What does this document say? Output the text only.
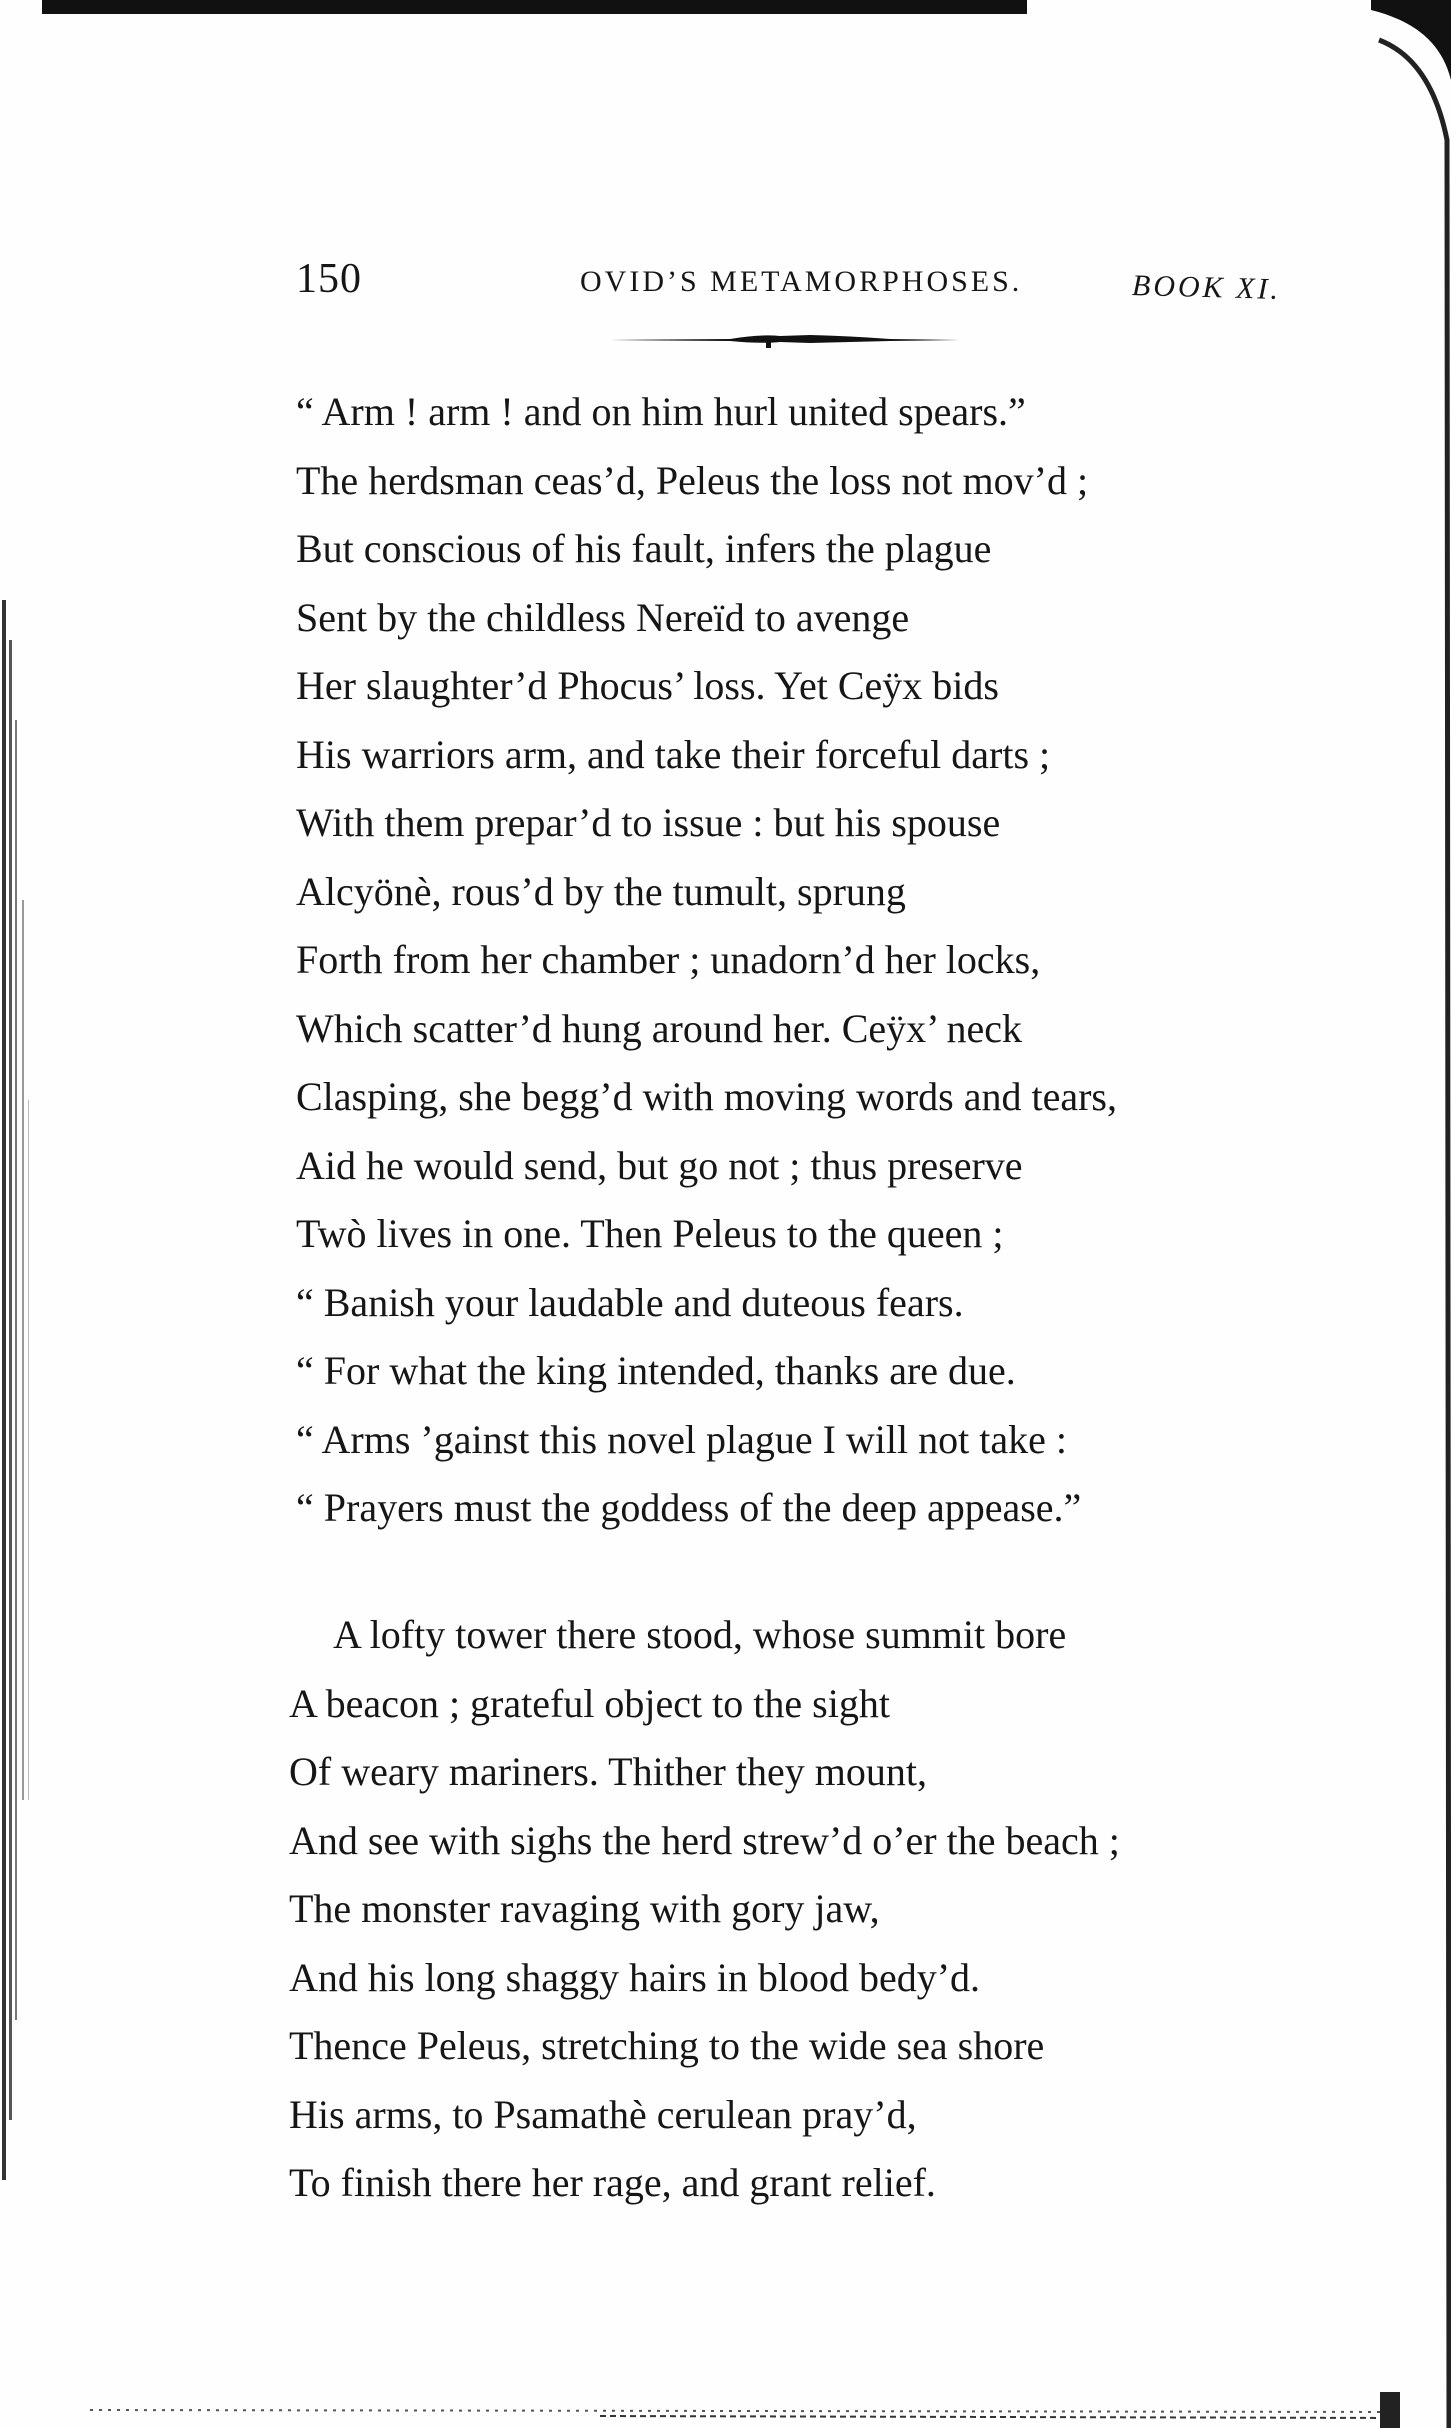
150	OVID’S METAMORPHOSES.	BOOK XI.
“ Arm ! arm ! and on him hurl united spears.”
The herdsman ceas’d, Peleus the loss not mov’d ;
But conscious of his fault, infers the plague
Sent by the childless Nereïd to avenge
Her slaughter’d Phocus’ loss. Yet Ceÿx bids
His warriors arm, and take their forceful darts ;
With them prepar’d to issue : but his spouse
Alcyönè, rous’d by the tumult, sprung
Forth from her chamber ; unadorn’d her locks,
Which scatter’d hung around her. Ceÿx’ neck
Clasping, she begg’d with moving words and tears,
Aid he would send, but go not ; thus preserve
Twò lives in one. Then Peleus to the queen ;
“ Banish your laudable and duteous fears.
“ For what the king intended, thanks are due.
“ Arms ’gainst this novel plague I will not take :
“ Prayers must the goddess of the deep appease.”
A lofty tower there stood, whose summit bore
A beacon ; grateful object to the sight
Of weary mariners. Thither they mount,
And see with sighs the herd strew’d o’er the beach ;
The monster ravaging with gory jaw,
And his long shaggy hairs in blood bedy’d.
Thence Peleus, stretching to the wide sea shore
His arms, to Psamathè cerulean pray’d,
To finish there her rage, and grant relief.
